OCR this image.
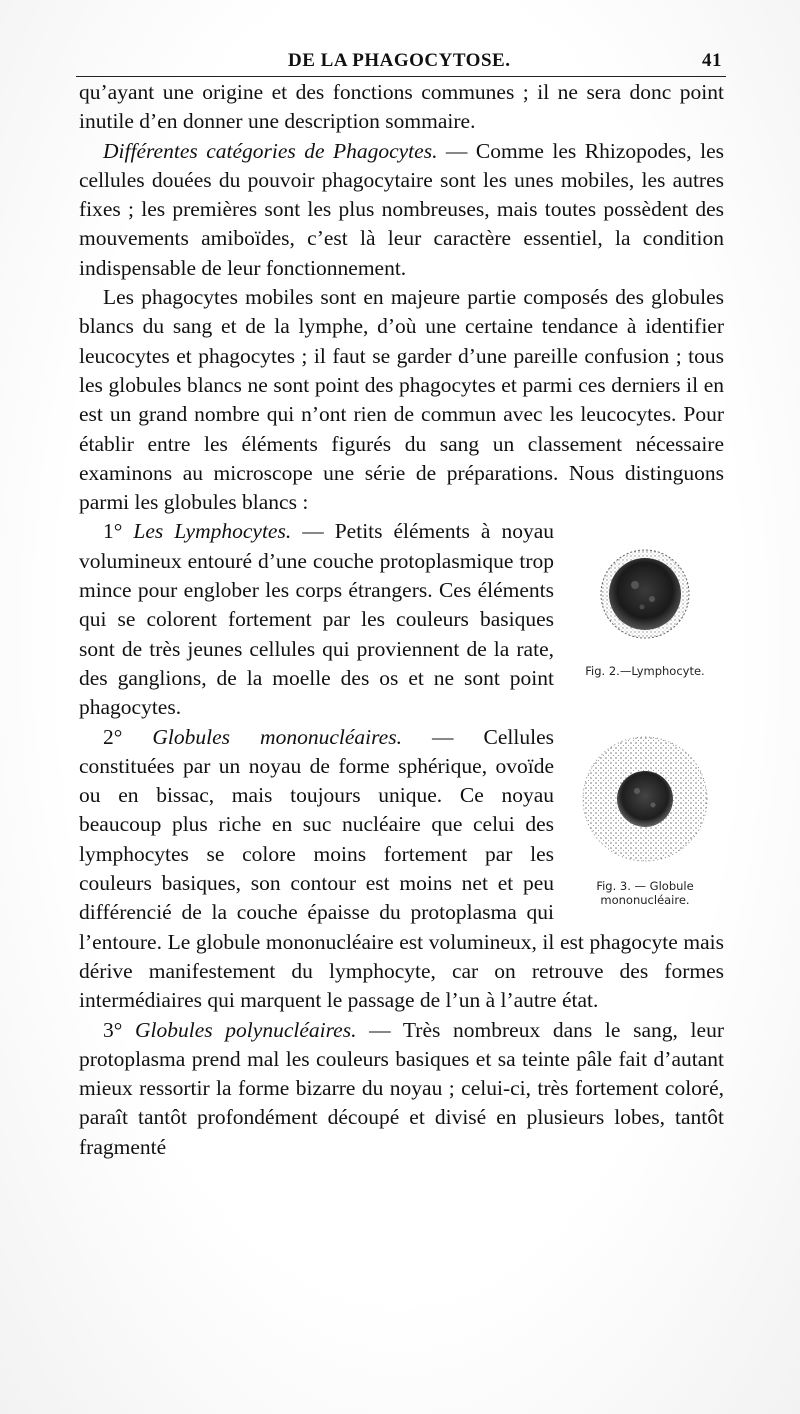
DE LA PHAGOCYTOSE.	41

qu’ayant une origine et des fonctions communes ; il ne sera donc point inutile d’en donner une description sommaire.

Différentes catégories de Phagocytes. — Comme les Rhizopodes, les cellules douées du pouvoir phagocytaire sont les unes mobiles, les autres fixes ; les premières sont les plus nombreuses, mais toutes possèdent des mouvements amiboïdes, c’est là leur caractère essentiel, la condition indispensable de leur fonctionnement.

Les phagocytes mobiles sont en majeure partie composés des globules blancs du sang et de la lymphe, d’où une certaine tendance à identifier leucocytes et phagocytes ; il faut se garder d’une pareille confusion ; tous les globules blancs ne sont point des phagocytes et parmi ces derniers il en est un grand nombre qui n’ont rien de commun avec les leucocytes. Pour établir entre les éléments figurés du sang un classement nécessaire examinons au microscope une série de préparations. Nous distinguons parmi les globules blancs :

Fig. 2.—Lymphocyte.

1° Les Lymphocytes. — Petits éléments à noyau volumineux entouré d’une couche protoplasmique trop mince pour englober les corps étrangers. Ces éléments qui se colorent fortement par les couleurs basiques sont de très jeunes cellules qui proviennent de la rate, des ganglions, de la moelle des os et ne sont point phagocytes.

Fig. 3. — Globule mononucléaire.

2° Globules mononucléaires. — Cellules constituées par un noyau de forme sphérique, ovoïde ou en bissac, mais toujours unique. Ce noyau beaucoup plus riche en suc nucléaire que celui des lymphocytes se colore moins fortement par les couleurs basiques, son contour est moins net et peu différencié de la couche épaisse du protoplasma qui l’entoure. Le globule mononucléaire est volumineux, il est phagocyte mais dérive manifestement du lymphocyte, car on retrouve des formes intermédiaires qui marquent le passage de l’un à l’autre état.

3° Globules polynucléaires. — Très nombreux dans le sang, leur protoplasma prend mal les couleurs basiques et sa teinte pâle fait d’autant mieux ressortir la forme bizarre du noyau ; celui-ci, très fortement coloré, paraît tantôt profondément découpé et divisé en plusieurs lobes, tantôt fragmenté
